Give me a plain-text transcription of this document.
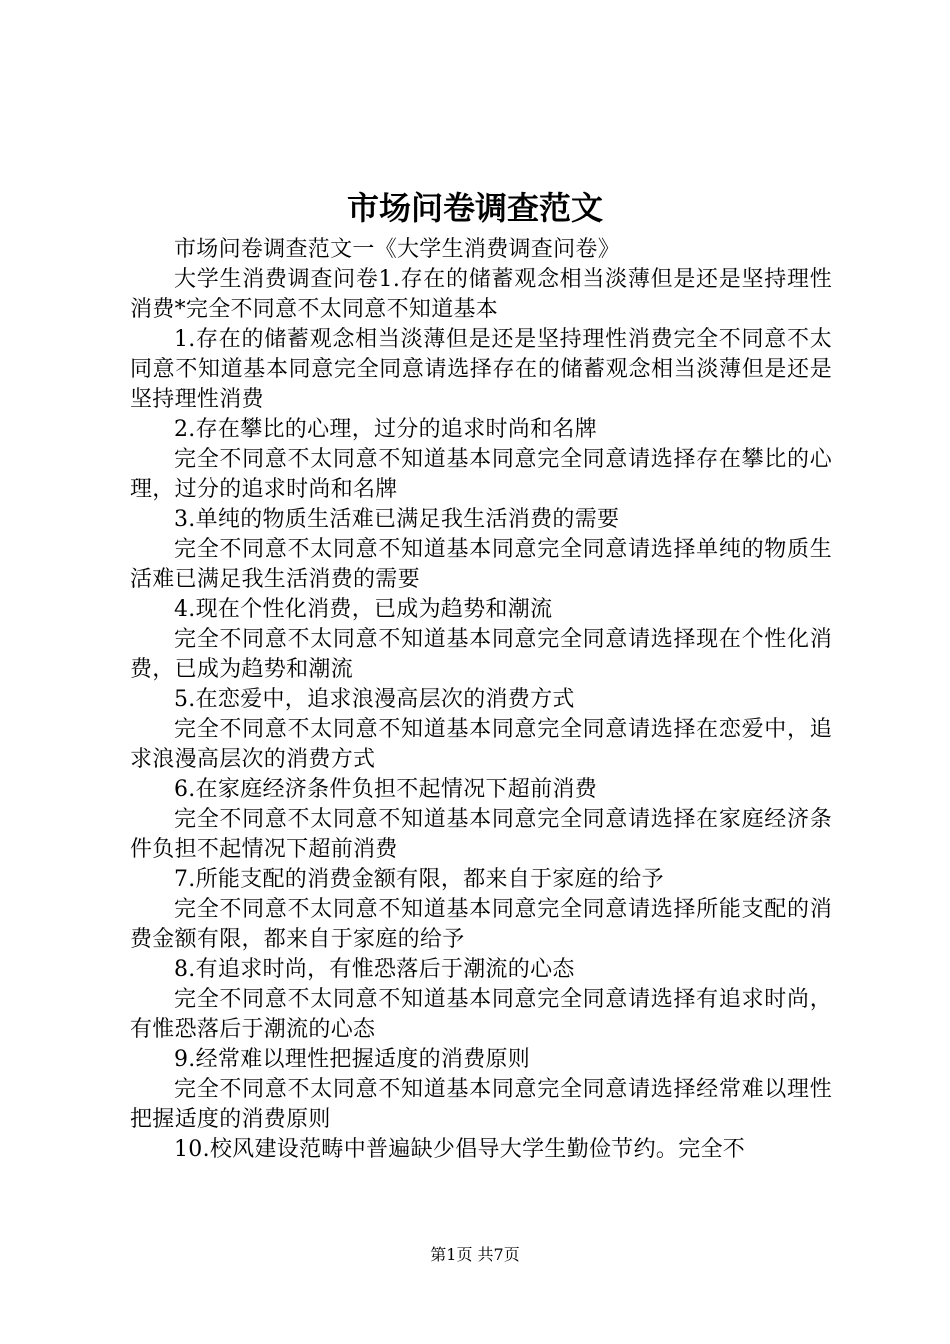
市场问卷调查范文

市场问卷调查范文一《大学生消费调查问卷》

大学生消费调查问卷1.存在的储蓄观念相当淡薄但是还是坚持理性消费*完全不同意不太同意不知道基本

1.存在的储蓄观念相当淡薄但是还是坚持理性消费完全不同意不太同意不知道基本同意完全同意请选择存在的储蓄观念相当淡薄但是还是坚持理性消费

2.存在攀比的心理，过分的追求时尚和名牌

完全不同意不太同意不知道基本同意完全同意请选择存在攀比的心理，过分的追求时尚和名牌

3.单纯的物质生活难已满足我生活消费的需要

完全不同意不太同意不知道基本同意完全同意请选择单纯的物质生活难已满足我生活消费的需要

4.现在个性化消费，已成为趋势和潮流

完全不同意不太同意不知道基本同意完全同意请选择现在个性化消费，已成为趋势和潮流

5.在恋爱中，追求浪漫高层次的消费方式

完全不同意不太同意不知道基本同意完全同意请选择在恋爱中，追求浪漫高层次的消费方式

6.在家庭经济条件负担不起情况下超前消费

完全不同意不太同意不知道基本同意完全同意请选择在家庭经济条件负担不起情况下超前消费

7.所能支配的消费金额有限，都来自于家庭的给予

完全不同意不太同意不知道基本同意完全同意请选择所能支配的消费金额有限，都来自于家庭的给予

8.有追求时尚，有惟恐落后于潮流的心态

完全不同意不太同意不知道基本同意完全同意请选择有追求时尚，有惟恐落后于潮流的心态

9.经常难以理性把握适度的消费原则

完全不同意不太同意不知道基本同意完全同意请选择经常难以理性把握适度的消费原则

10.校风建设范畴中普遍缺少倡导大学生勤俭节约。完全不

第1页 共7页
